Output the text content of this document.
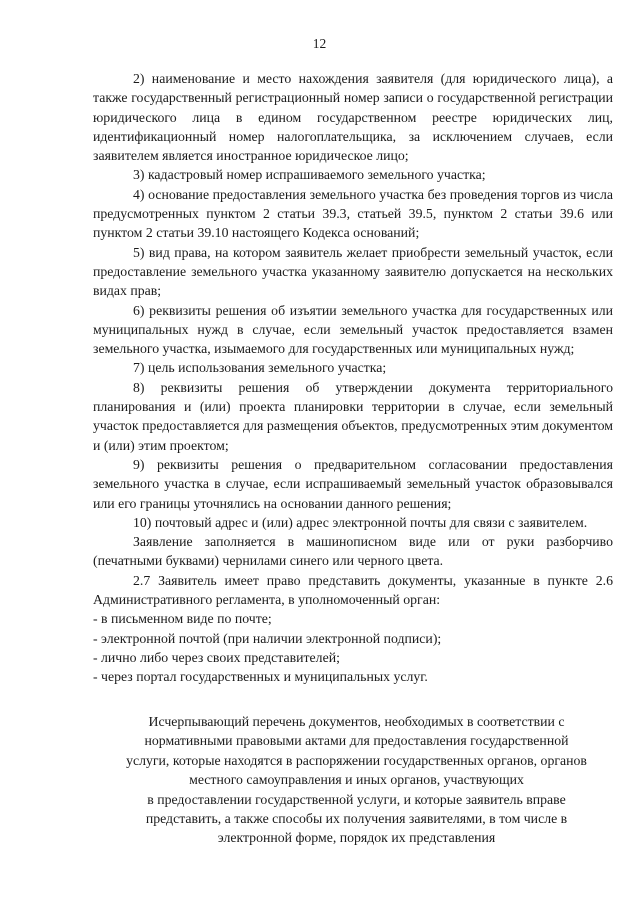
12

2) наименование и место нахождения заявителя (для юридического лица), а также государственный регистрационный номер записи о государственной регистрации юридического лица в едином государственном реестре юридических лиц, идентификационный номер налогоплательщика, за исключением случаев, если заявителем является иностранное юридическое лицо;

3) кадастровый номер испрашиваемого земельного участка;

4) основание предоставления земельного участка без проведения торгов из числа предусмотренных пунктом 2 статьи 39.3, статьей 39.5, пунктом 2 статьи 39.6 или пунктом 2 статьи 39.10 настоящего Кодекса оснований;

5) вид права, на котором заявитель желает приобрести земельный участок, если предоставление земельного участка указанному заявителю допускается на нескольких видах прав;

6) реквизиты решения об изъятии земельного участка для государственных или муниципальных нужд в случае, если земельный участок предоставляется взамен земельного участка, изымаемого для государственных или муниципальных нужд;

7) цель использования земельного участка;

8) реквизиты решения об утверждении документа территориального планирования и (или) проекта планировки территории в случае, если земельный участок предоставляется для размещения объектов, предусмотренных этим документом и (или) этим проектом;

9) реквизиты решения о предварительном согласовании предоставления земельного участка в случае, если испрашиваемый земельный участок образовывался или его границы уточнялись на основании данного решения;

10) почтовый адрес и (или) адрес электронной почты для связи с заявителем.

Заявление заполняется в машинописном виде или от руки разборчиво (печатными буквами) чернилами синего или черного цвета.

2.7 Заявитель имеет право представить документы, указанные в пункте 2.6 Административного регламента, в уполномоченный орган:

- в письменном виде по почте;

- электронной почтой (при наличии электронной подписи);

- лично либо через своих представителей;

- через портал государственных и муниципальных услуг.

Исчерпывающий перечень документов, необходимых в соответствии с
нормативными правовыми актами для предоставления государственной
услуги, которые находятся в распоряжении государственных органов, органов
местного самоуправления и иных органов, участвующих
в предоставлении государственной услуги, и которые заявитель вправе
представить, а также способы их получения заявителями, в том числе в
электронной форме, порядок их представления
